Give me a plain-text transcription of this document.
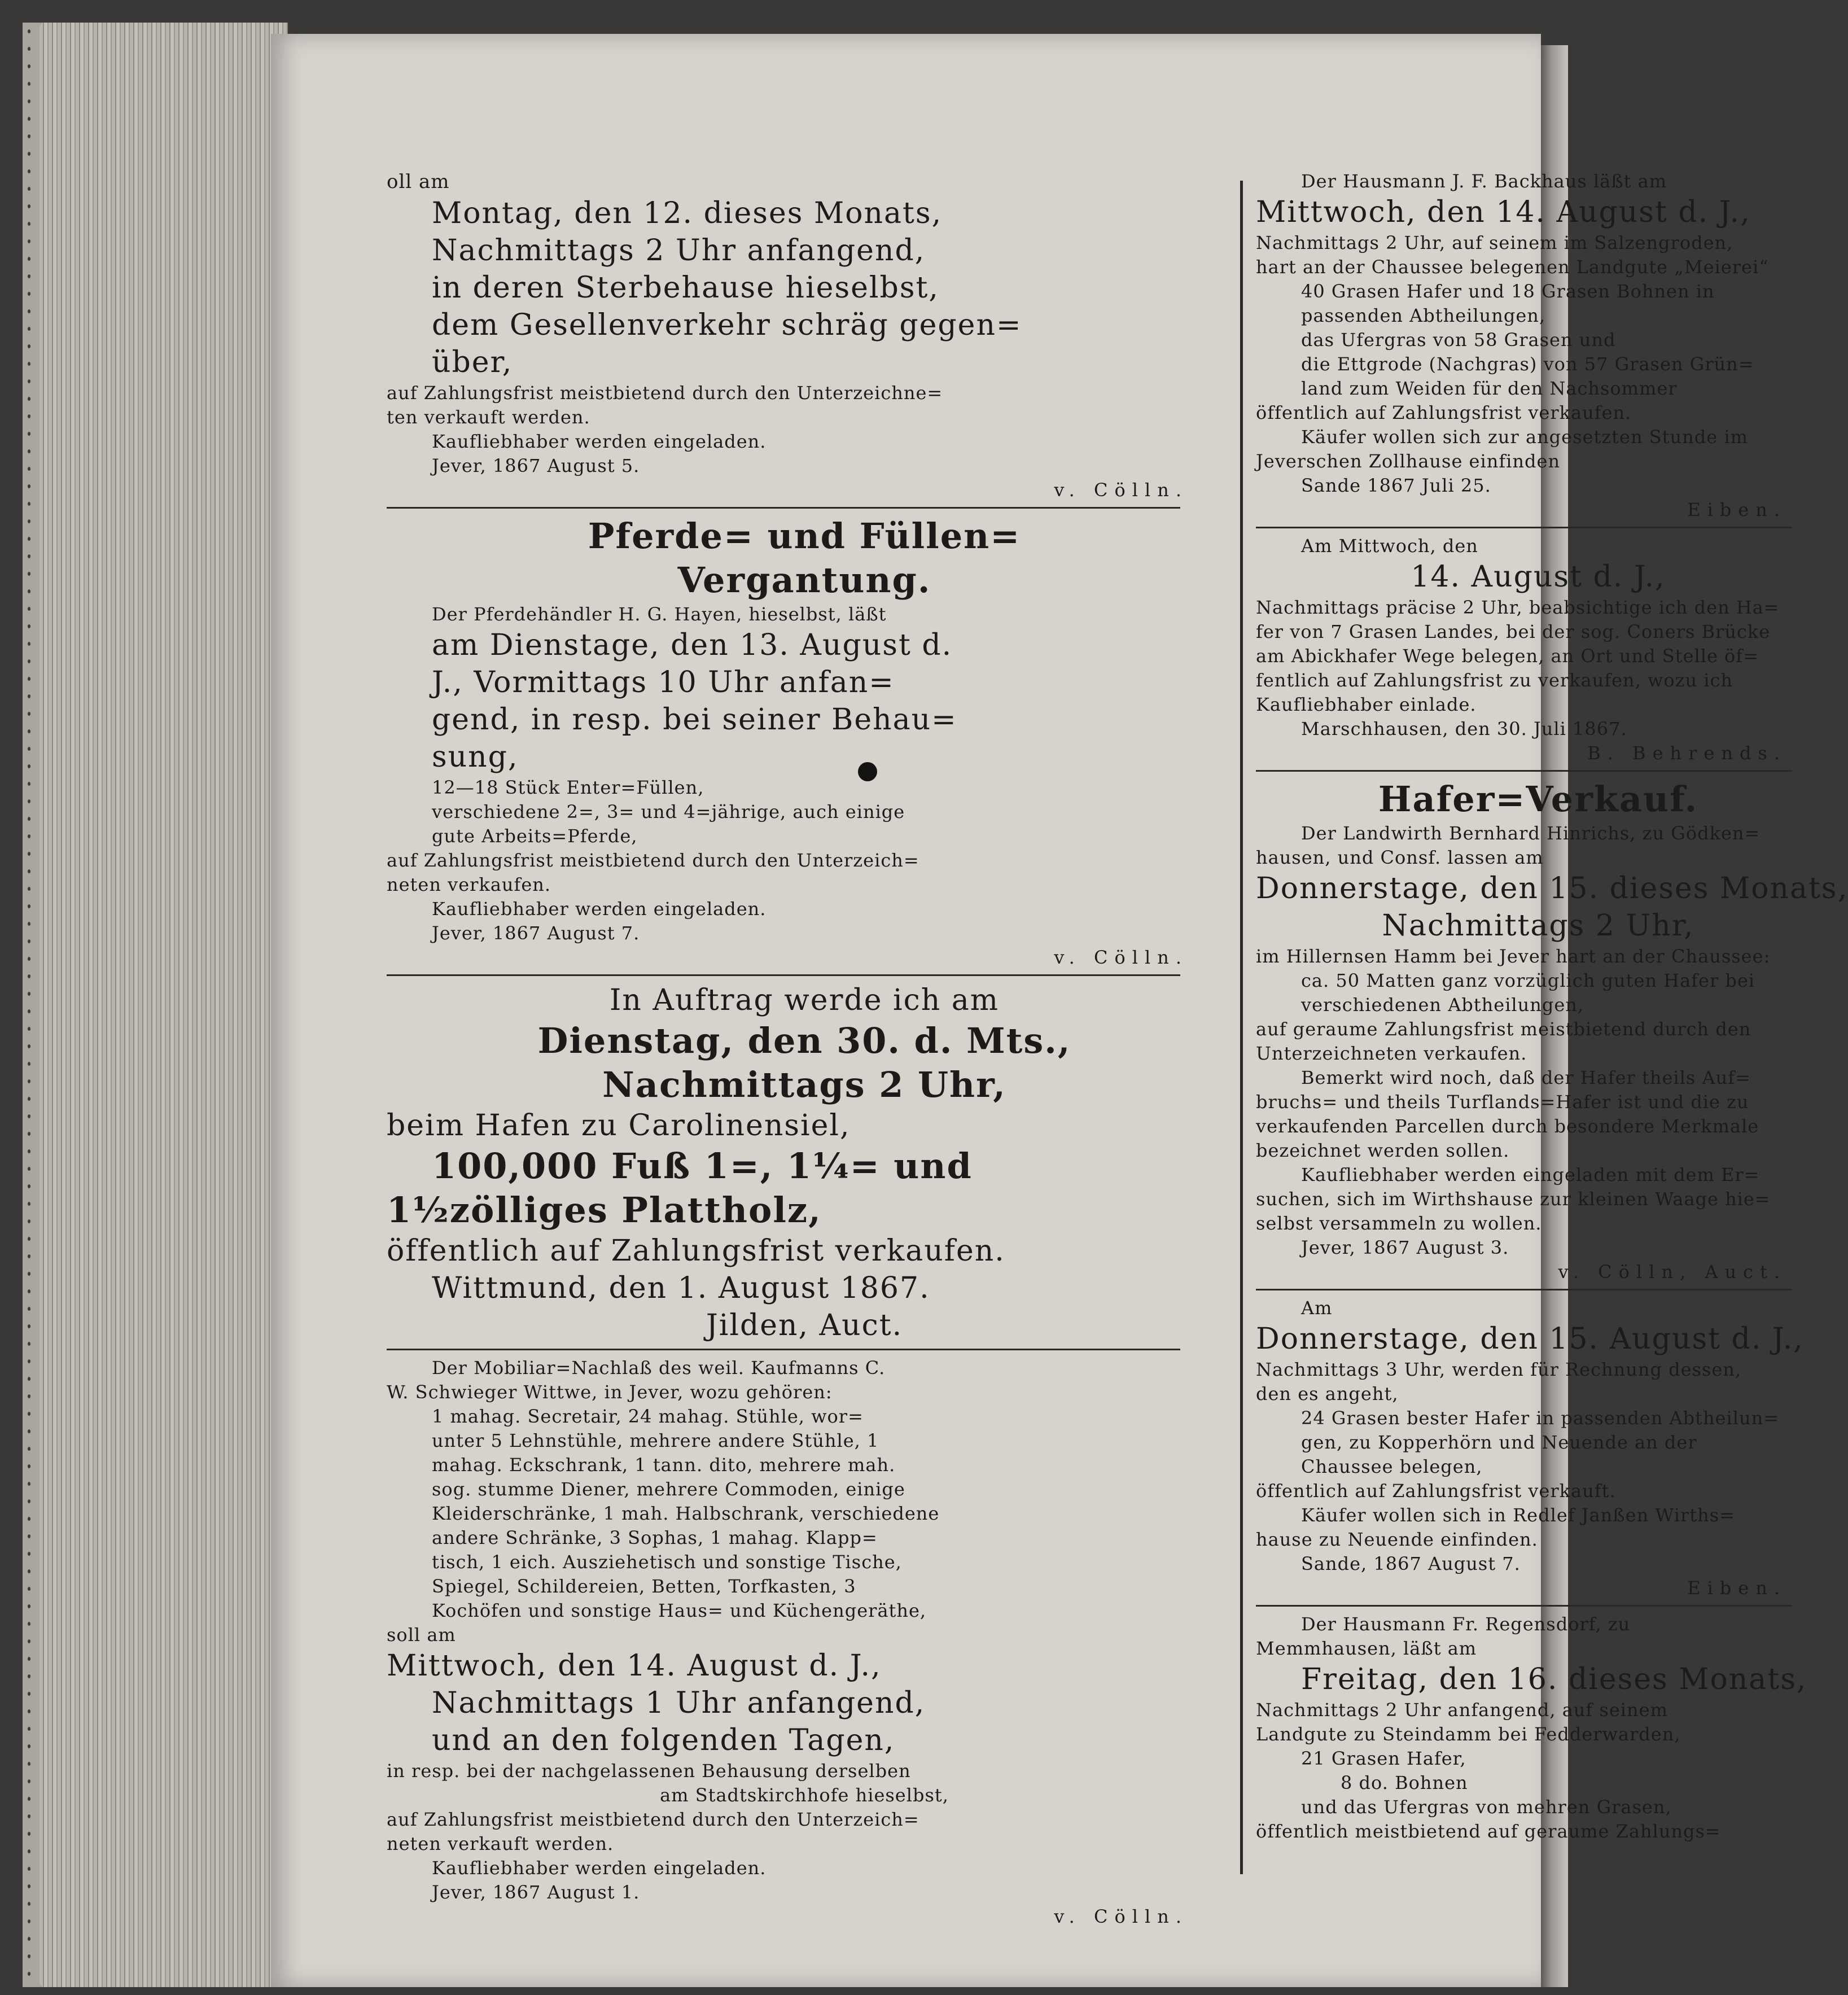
oll am
Montag, den 12. dieses Monats,
Nachmittags 2 Uhr anfangend,
in deren Sterbehause hieselbst,
dem Gesellenverkehr schräg gegen=
über,
auf Zahlungsfrist meistbietend durch den Unterzeichne=
ten verkauft werden.
Kaufliebhaber werden eingeladen.
Jever, 1867 August 5.
v. Cölln.
Pferde= und Füllen=
Vergantung.
Der Pferdehändler H. G. Hayen, hieselbst, läßt
am Dienstage, den 13. August d.
J., Vormittags 10 Uhr anfan=
gend, in resp. bei seiner Behau=
sung,
12—18 Stück Enter=Füllen,
verschiedene 2=, 3= und 4=jährige, auch einige
gute Arbeits=Pferde,
auf Zahlungsfrist meistbietend durch den Unterzeich=
neten verkaufen.
Kaufliebhaber werden eingeladen.
Jever, 1867 August 7.
v. Cölln.
In Auftrag werde ich am
Dienstag, den 30. d. Mts.,
Nachmittags 2 Uhr,
beim Hafen zu Carolinensiel,
100,000 Fuß 1=, 1¼= und
1½zölliges Plattholz,
öffentlich auf Zahlungsfrist verkaufen.
Wittmund, den 1. August 1867.
Jilden, Auct.
Der Mobiliar=Nachlaß des weil. Kaufmanns C.
W. Schwieger Wittwe, in Jever, wozu gehören:
1 mahag. Secretair, 24 mahag. Stühle, wor=
unter 5 Lehnstühle, mehrere andere Stühle, 1
mahag. Eckschrank, 1 tann. dito, mehrere mah.
sog. stumme Diener, mehrere Commoden, einige
Kleiderschränke, 1 mah. Halbschrank, verschiedene
andere Schränke, 3 Sophas, 1 mahag. Klapp=
tisch, 1 eich. Ausziehetisch und sonstige Tische,
Spiegel, Schildereien, Betten, Torfkasten, 3
Kochöfen und sonstige Haus= und Küchengeräthe,
soll am
Mittwoch, den 14. August d. J.,
Nachmittags 1 Uhr anfangend,
und an den folgenden Tagen,
in resp. bei der nachgelassenen Behausung derselben
am Stadtskirchhofe hieselbst,
auf Zahlungsfrist meistbietend durch den Unterzeich=
neten verkauft werden.
Kaufliebhaber werden eingeladen.
Jever, 1867 August 1.
v. Cölln.
Der Hausmann J. F. Backhaus läßt am
Mittwoch, den 14. August d. J.,
Nachmittags 2 Uhr, auf seinem im Salzengroden,
hart an der Chaussee belegenen Landgute „Meierei“
40 Grasen Hafer und 18 Grasen Bohnen in
passenden Abtheilungen,
das Ufergras von 58 Grasen und
die Ettgrode (Nachgras) von 57 Grasen Grün=
land zum Weiden für den Nachsommer
öffentlich auf Zahlungsfrist verkaufen.
Käufer wollen sich zur angesetzten Stunde im
Jeverschen Zollhause einfinden
Sande 1867 Juli 25.
Eiben.
Am Mittwoch, den
14. August d. J.,
Nachmittags präcise 2 Uhr, beabsichtige ich den Ha=
fer von 7 Grasen Landes, bei der sog. Coners Brücke
am Abickhafer Wege belegen, an Ort und Stelle öf=
fentlich auf Zahlungsfrist zu verkaufen, wozu ich
Kaufliebhaber einlade.
Marschhausen, den 30. Juli 1867.
B. Behrends.
Hafer=Verkauf.
Der Landwirth Bernhard Hinrichs, zu Gödken=
hausen, und Consf. lassen am
Donnerstage, den 15. dieses Monats,
Nachmittags 2 Uhr,
im Hillernsen Hamm bei Jever hart an der Chaussee:
ca. 50 Matten ganz vorzüglich guten Hafer bei
verschiedenen Abtheilungen,
auf geraume Zahlungsfrist meistbietend durch den
Unterzeichneten verkaufen.
Bemerkt wird noch, daß der Hafer theils Auf=
bruchs= und theils Turflands=Hafer ist und die zu
verkaufenden Parcellen durch besondere Merkmale
bezeichnet werden sollen.
Kaufliebhaber werden eingeladen mit dem Er=
suchen, sich im Wirthshause zur kleinen Waage hie=
selbst versammeln zu wollen.
Jever, 1867 August 3.
v. Cölln, Auct.
Am
Donnerstage, den 15. August d. J.,
Nachmittags 3 Uhr, werden für Rechnung dessen,
den es angeht,
24 Grasen bester Hafer in passenden Abtheilun=
gen, zu Kopperhörn und Neuende an der
Chaussee belegen,
öffentlich auf Zahlungsfrist verkauft.
Käufer wollen sich in Redlef Janßen Wirths=
hause zu Neuende einfinden.
Sande, 1867 August 7.
Eiben.
Der Hausmann Fr. Regensdorf, zu
Memmhausen, läßt am
Freitag, den 16. dieses Monats,
Nachmittags 2 Uhr anfangend, auf seinem
Landgute zu Steindamm bei Fedderwarden,
21 Grasen Hafer,
8 do. Bohnen
und das Ufergras von mehren Grasen,
öffentlich meistbietend auf geraume Zahlungs=
